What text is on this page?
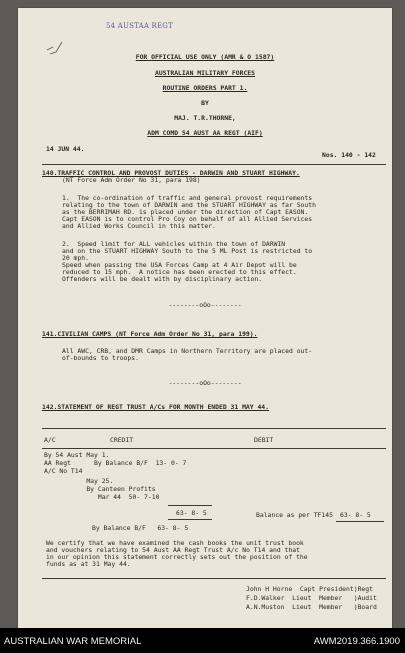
54 AUSTAA REGT
FOR OFFICIAL USE ONLY (AMR & O 1587)
AUSTRALIAN MILITARY FORCES
ROUTINE ORDERS PART 1.
BY
MAJ. T.R.THORNE,
ADM COMD 54 AUST AA REGT (AIF)
14 JUN 44.
Nos. 140 - 142
140.TRAFFIC CONTROL AND PROVOST DUTIES - DARWIN AND STUART HIGHWAY.
(NT Force Adm Order No 31, para 198)
1.  The co-ordination of traffic and general provost requirements
relating to the town of DARWIN and the STUART HIGHWAY as far South
as the BERRIMAH RD. is placed under the direction of Capt EASON.
Capt EASON is to control Pro Coy on behalf of all Allied Services
and Allied Works Council in this matter.
2.  Speed limit for ALL vehicles within the town of DARWIN
and on the STUART HIGHWAY South to the 5 ML Post is restricted to
20 mph.
Speed when passing the USA Forces Camp at 4 Air Depot will be
reduced to 15 mph.  A notice has been erected to this effect.
Offenders will be dealt with by disciplinary action.
--------oOo--------
141.CIVILIAN CAMPS (NT Force Adm Order No 31, para 199).
All AWC, CRB, and DMR Camps in Northern Territory are placed out-
of-bounds to troops.
--------oOo--------
142.STATEMENT OF REGT TRUST A/Cs FOR MONTH ENDED 31 MAY 44.
A/C	CREDIT	DEBIT
By 54 Aust May 1.
AA Regt      By Balance B/F  13- 0- 7
A/C No T14
May 25.
By Canteen Profits
Mar 44  50- 7-10
63- 8- 5	Balance as per TF145 63- 8- 5
By Balance B/F   63- 8- 5
We certify that we have examined the cash books the unit trust book
and vouchers relating to 54 Aust AA Regt Trust A/c No T14 and that
in our opinion this statement correctly sets out the position of the
funds as at 31 May 44.
John H Horne  Capt President)Regt
F.D.Walker  Lieut  Member   )Audit
A.N.Muston  Lieut  Member   )Board
AUSTRALIAN WAR MEMORIAL	AWM2019.366.1900
